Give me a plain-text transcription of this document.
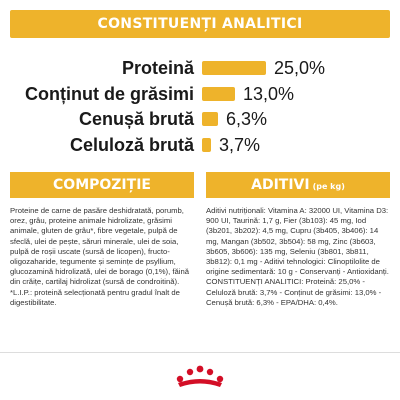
CONSTITUENȚI ANALITICI
Proteină	25,0%
Conținut de grăsimi	13,0%
Cenușă brută 6,3%
Celuloză brută 3,7%
COMPOZIȚIE	ADITIVI (pe kg)
Proteine de carne de pasăre deshidratată, porumb, orez, grâu, proteine animale hidrolizate, grăsimi animale, gluten de grâu*, fibre vegetale, pulpă de sfeclă, ulei de pește, săruri minerale, ulei de soia, pulpă de roșii uscate (sursă de licopen), fructo-oligozaharide, tegumente și semințe de psyllium, glucozamină hidrolizată, ulei de borago (0,1%), făină din crăițe, cartilaj hidrolizat (sursă de condroitină). *L.I.P.: proteină selecționată pentru gradul înalt de digestibilitate.
Aditivi nutriționali: Vitamina A: 32000 UI, Vitamina D3: 900 UI, Taurină: 1,7 g, Fier (3b103): 45 mg, Iod (3b201, 3b202): 4,5 mg, Cupru (3b405, 3b406): 14 mg, Mangan (3b502, 3b504): 58 mg, Zinc (3b603, 3b605, 3b606): 135 mg, Seleniu (3b801, 3b811, 3b812): 0,1 mg - Aditivi tehnologici: Clinoptilolite de origine sedimentară: 10 g - Conservanți - Antioxidanți. CONSTITUENȚI ANALITICI: Proteină: 25,0% - Celuloză brută: 3,7% - Conținut de grăsimi: 13,0% - Cenușă brută: 6,3% - EPA/DHA: 0,4%.
